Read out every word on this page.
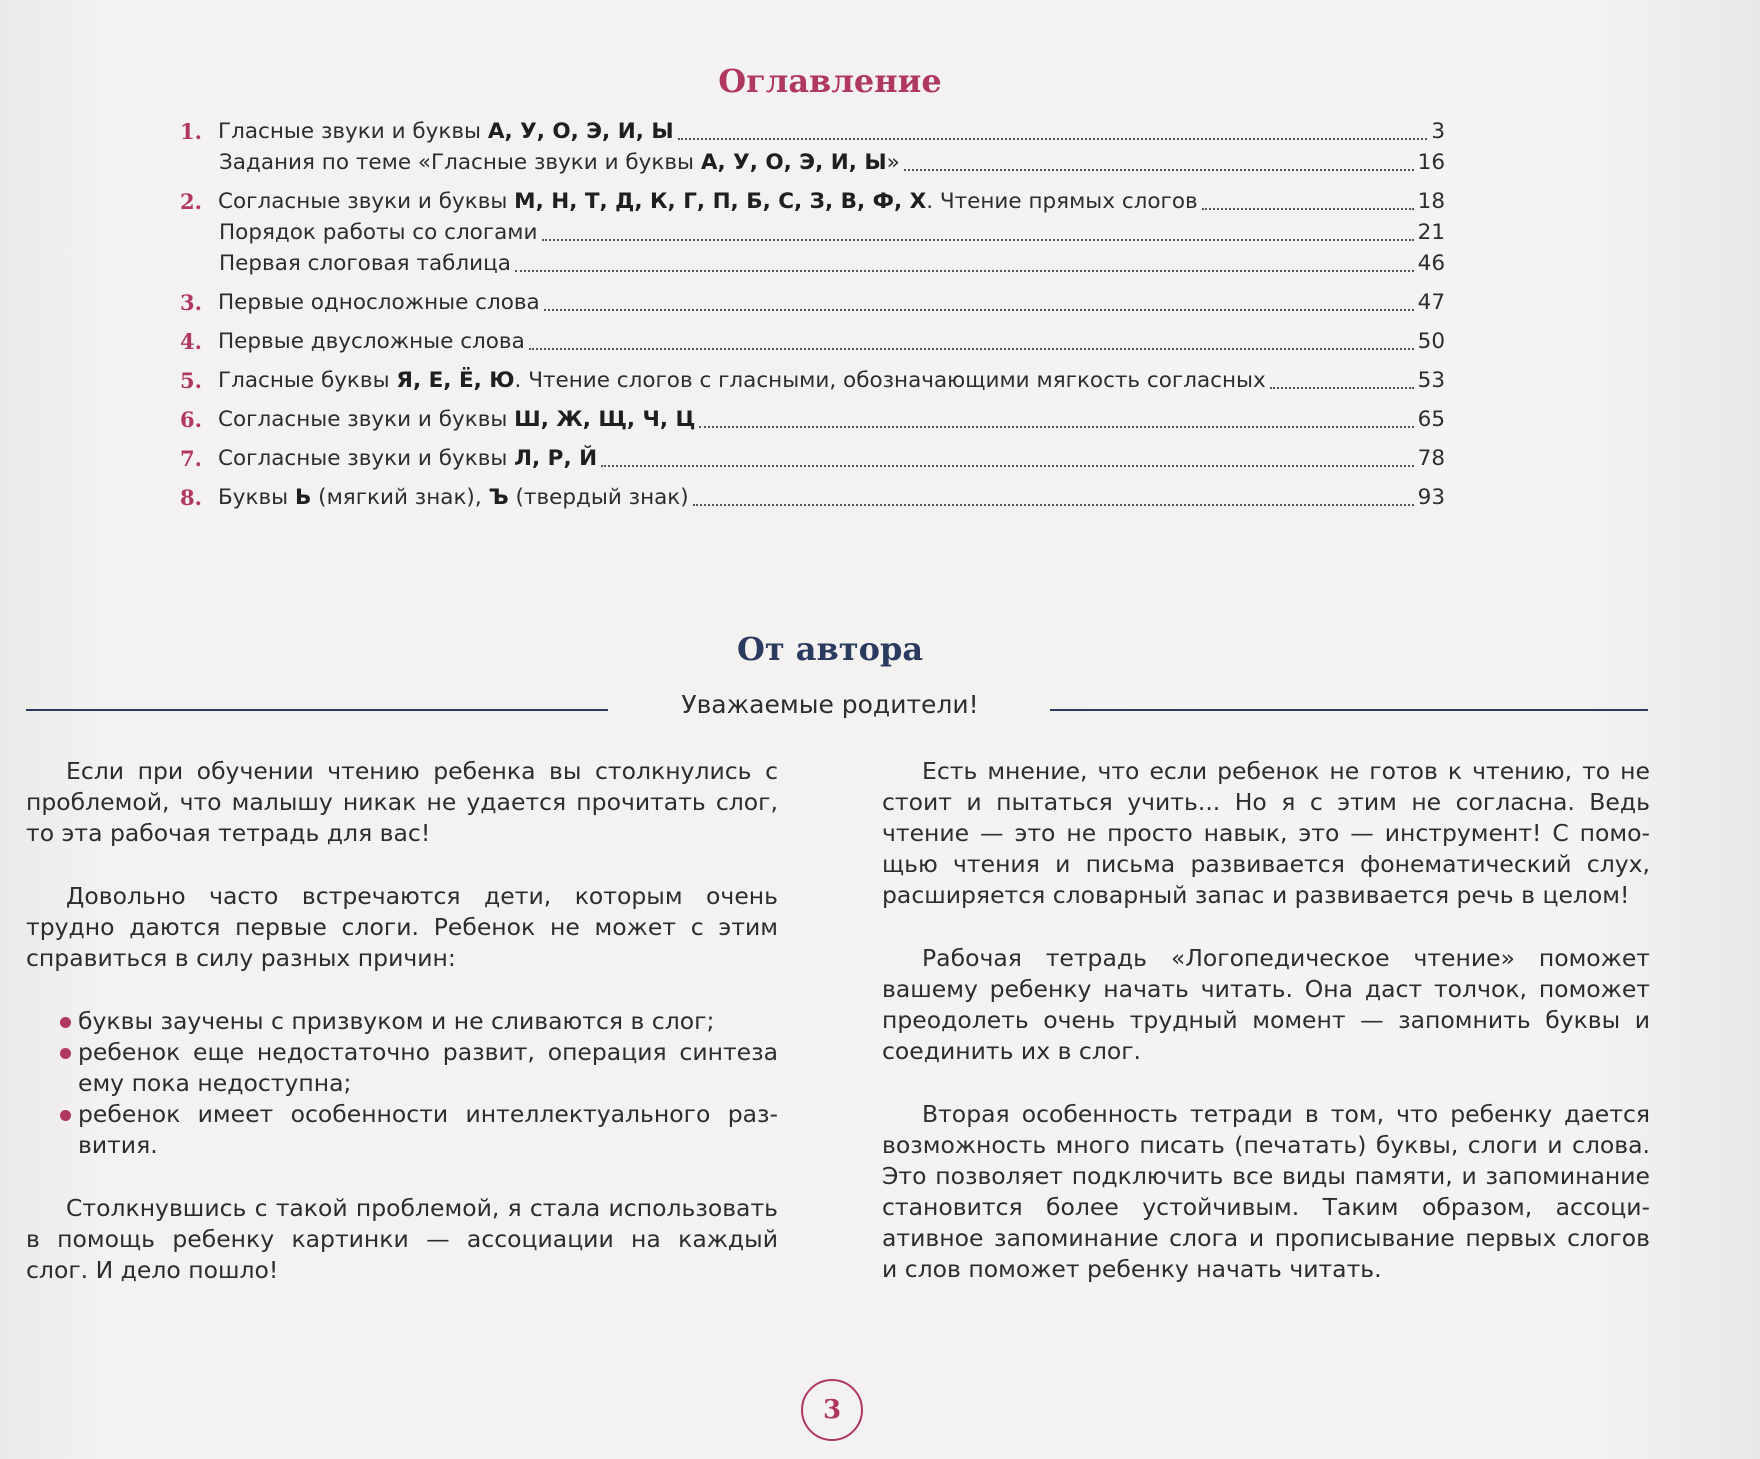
Оглавление
1. Гласные звуки и буквы А, У, О, Э, И, Ы	3
Задания по теме «Гласные звуки и буквы А, У, О, Э, И, Ы»	16
2. Согласные звуки и буквы М, Н, Т, Д, К, Г, П, Б, С, З, В, Ф, Х. Чтение прямых слогов	18
Порядок работы со слогами	21
Первая слоговая таблица	46
3. Первые односложные слова	47
4. Первые двусложные слова	50
5. Гласные буквы Я, Е, Ё, Ю. Чтение слогов с гласными, обозначающими мягкость согласных	53
6. Согласные звуки и буквы Ш, Ж, Щ, Ч, Ц	65
7. Согласные звуки и буквы Л, Р, Й	78
8. Буквы Ь (мягкий знак), Ъ (твердый знак)	93
От автора
Уважаемые родители!

Если при обучении чтению ребенка вы столкнулись с проблемой, что малышу никак не удается прочитать слог, то эта рабочая тетрадь для вас!

Довольно часто встречаются дети, которым очень трудно даются первые слоги. Ребенок не может с этим справиться в силу разных причин:

буквы заучены с призвуком и не сливаются в слог;
ребенок еще недостаточно развит, операция синтеза ему пока недоступна;
ребенок имеет особенности интеллектуального развития.

Столкнувшись с такой проблемой, я стала использовать в помощь ребенку картинки — ассоциации на каждый слог. И дело пошло!

Есть мнение, что если ребенок не готов к чтению, то не стоит и пытаться учить... Но я с этим не согласна. Ведь чтение — это не просто навык, это — инструмент! С помощью чтения и письма развивается фонематический слух, расширяется словарный запас и развивается речь в целом!

Рабочая тетрадь «Логопедическое чтение» поможет вашему ребенку начать читать. Она даст толчок, поможет преодолеть очень трудный момент — запомнить буквы и соединить их в слог.

Вторая особенность тетради в том, что ребенку дается возможность много писать (печатать) буквы, слоги и слова. Это позволяет подключить все виды памяти, и запоминание становится более устойчивым. Таким образом, ассоциативное запоминание слога и прописывание первых слогов и слов поможет ребенку начать читать.

3
